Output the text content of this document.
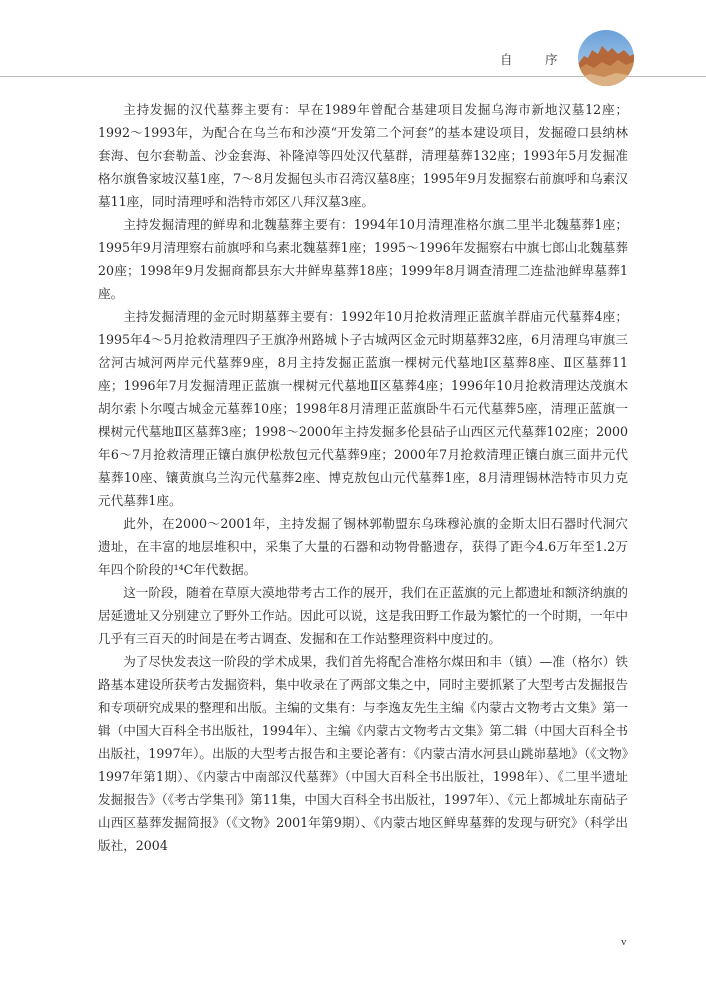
自　序

主持发掘的汉代墓葬主要有：早在1989年曾配合基建项目发掘乌海市新地汉墓12座；1992～1993年，为配合在乌兰布和沙漠“开发第二个河套”的基本建设项目，发掘磴口县纳林套海、包尔套勒盖、沙金套海、补隆淖等四处汉代墓群，清理墓葬132座；1993年5月发掘准格尔旗鲁家坡汉墓1座，7～8月发掘包头市召湾汉墓8座；1995年9月发掘察右前旗呼和乌素汉墓11座，同时清理呼和浩特市郊区八拜汉墓3座。

主持发掘清理的鲜卑和北魏墓葬主要有：1994年10月清理准格尔旗二里半北魏墓葬1座；1995年9月清理察右前旗呼和乌素北魏墓葬1座；1995～1996年发掘察右中旗七郎山北魏墓葬20座；1998年9月发掘商都县东大井鲜卑墓葬18座；1999年8月调查清理二连盐池鲜卑墓葬1座。

主持发掘清理的金元时期墓葬主要有：1992年10月抢救清理正蓝旗羊群庙元代墓葬4座；1995年4～5月抢救清理四子王旗净州路城卜子古城两区金元时期墓葬32座，6月清理乌审旗三岔河古城河两岸元代墓葬9座，8月主持发掘正蓝旗一棵树元代墓地Ⅰ区墓葬8座、Ⅱ区墓葬11座；1996年7月发掘清理正蓝旗一棵树元代墓地Ⅱ区墓葬4座；1996年10月抢救清理达茂旗木胡尔索卜尔嘎古城金元墓葬10座；1998年8月清理正蓝旗卧牛石元代墓葬5座，清理正蓝旗一棵树元代墓地Ⅱ区墓葬3座；1998～2000年主持发掘多伦县砧子山西区元代墓葬102座；2000年6～7月抢救清理正镶白旗伊松敖包元代墓葬9座；2000年7月抢救清理正镶白旗三面井元代墓葬10座、镶黄旗乌兰沟元代墓葬2座、博克敖包山元代墓葬1座，8月清理锡林浩特市贝力克元代墓葬1座。

此外，在2000～2001年，主持发掘了锡林郭勒盟东乌珠穆沁旗的金斯太旧石器时代洞穴遗址，在丰富的地层堆积中，采集了大量的石器和动物骨骼遗存，获得了距今4.6万年至1.2万年四个阶段的¹⁴C年代数据。

这一阶段，随着在草原大漠地带考古工作的展开，我们在正蓝旗的元上都遗址和额济纳旗的居延遗址又分别建立了野外工作站。因此可以说，这是我田野工作最为繁忙的一个时期，一年中几乎有三百天的时间是在考古调查、发掘和在工作站整理资料中度过的。

为了尽快发表这一阶段的学术成果，我们首先将配合准格尔煤田和丰（镇）—准（格尔）铁路基本建设所获考古发掘资料，集中收录在了两部文集之中，同时主要抓紧了大型考古发掘报告和专项研究成果的整理和出版。主编的文集有：与李逸友先生主编《内蒙古文物考古文集》第一辑（中国大百科全书出版社，1994年）、主编《内蒙古文物考古文集》第二辑（中国大百科全书出版社，1997年）。出版的大型考古报告和主要论著有：《内蒙古清水河县山跳峁墓地》（《文物》1997年第1期）、《内蒙古中南部汉代墓葬》（中国大百科全书出版社，1998年）、《二里半遗址发掘报告》（《考古学集刊》第11集，中国大百科全书出版社，1997年）、《元上都城址东南砧子山西区墓葬发掘简报》（《文物》2001年第9期）、《内蒙古地区鲜卑墓葬的发现与研究》（科学出版社，2004

v
